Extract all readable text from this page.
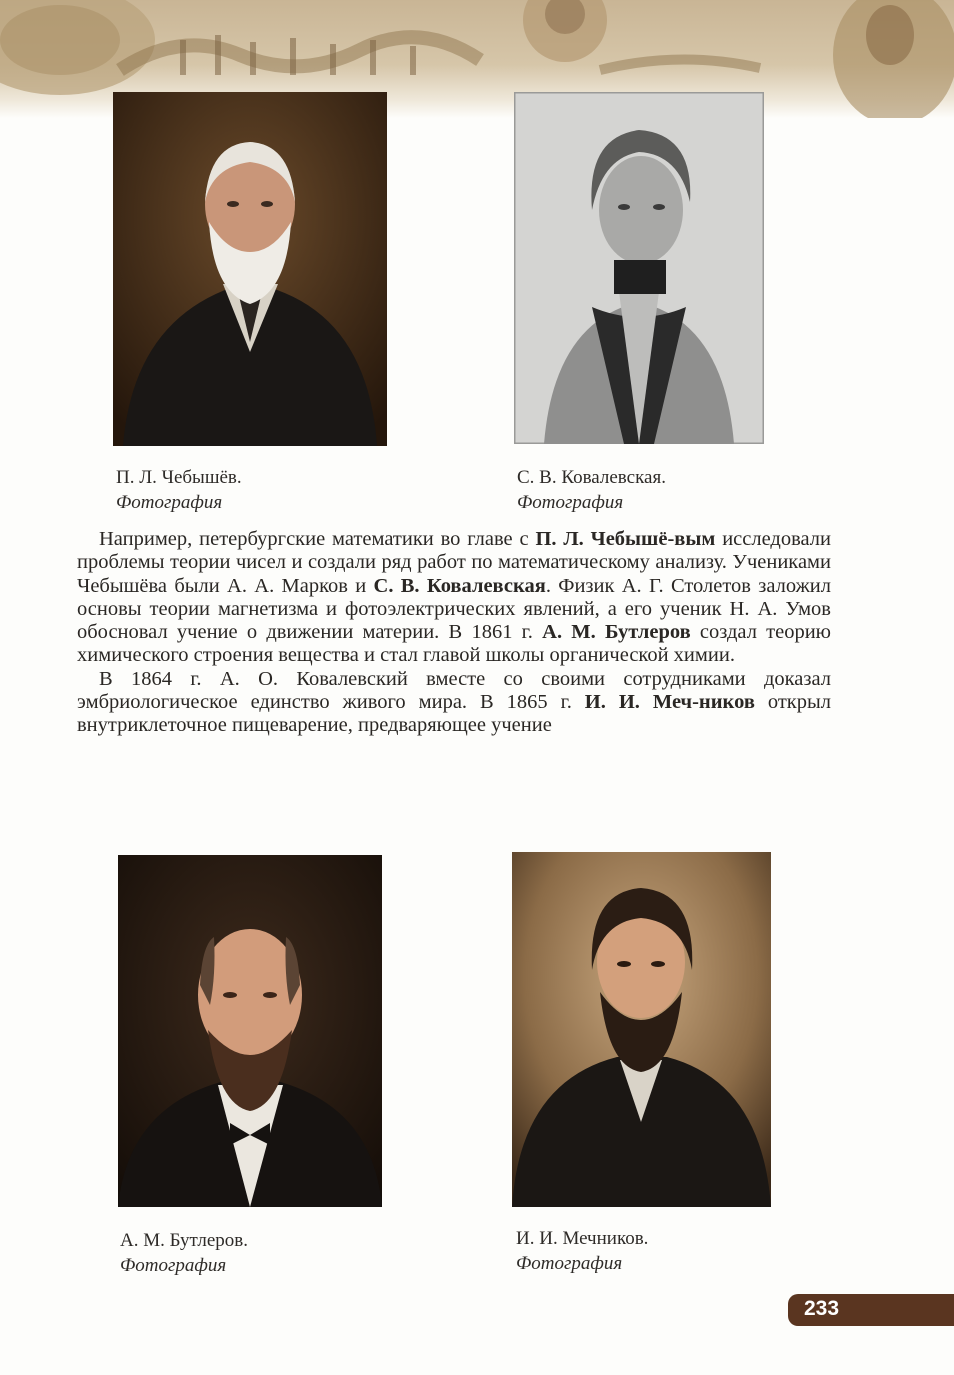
П. Л. Чебышёв.
Фотография
С. В. Ковалевская.
Фотография

Например, петербургские математики во главе с П. Л. Чебышё-вым исследовали проблемы теории чисел и создали ряд работ по математическому анализу. Учениками Чебышёва были А. А. Марков и С. В. Ковалевская. Физик А. Г. Столетов заложил основы теории магнетизма и фотоэлектрических явлений, а его ученик Н. А. Умов обосновал учение о движении материи. В 1861 г. А. М. Бутлеров создал теорию химического строения вещества и стал главой школы органической химии.

В 1864 г. А. О. Ковалевский вместе со своими сотрудниками доказал эмбриологическое единство живого мира. В 1865 г. И. И. Меч-ников открыл внутриклеточное пищеварение, предваряющее учение

А. М. Бутлеров.
Фотография
И. И. Мечников.
Фотография
233
